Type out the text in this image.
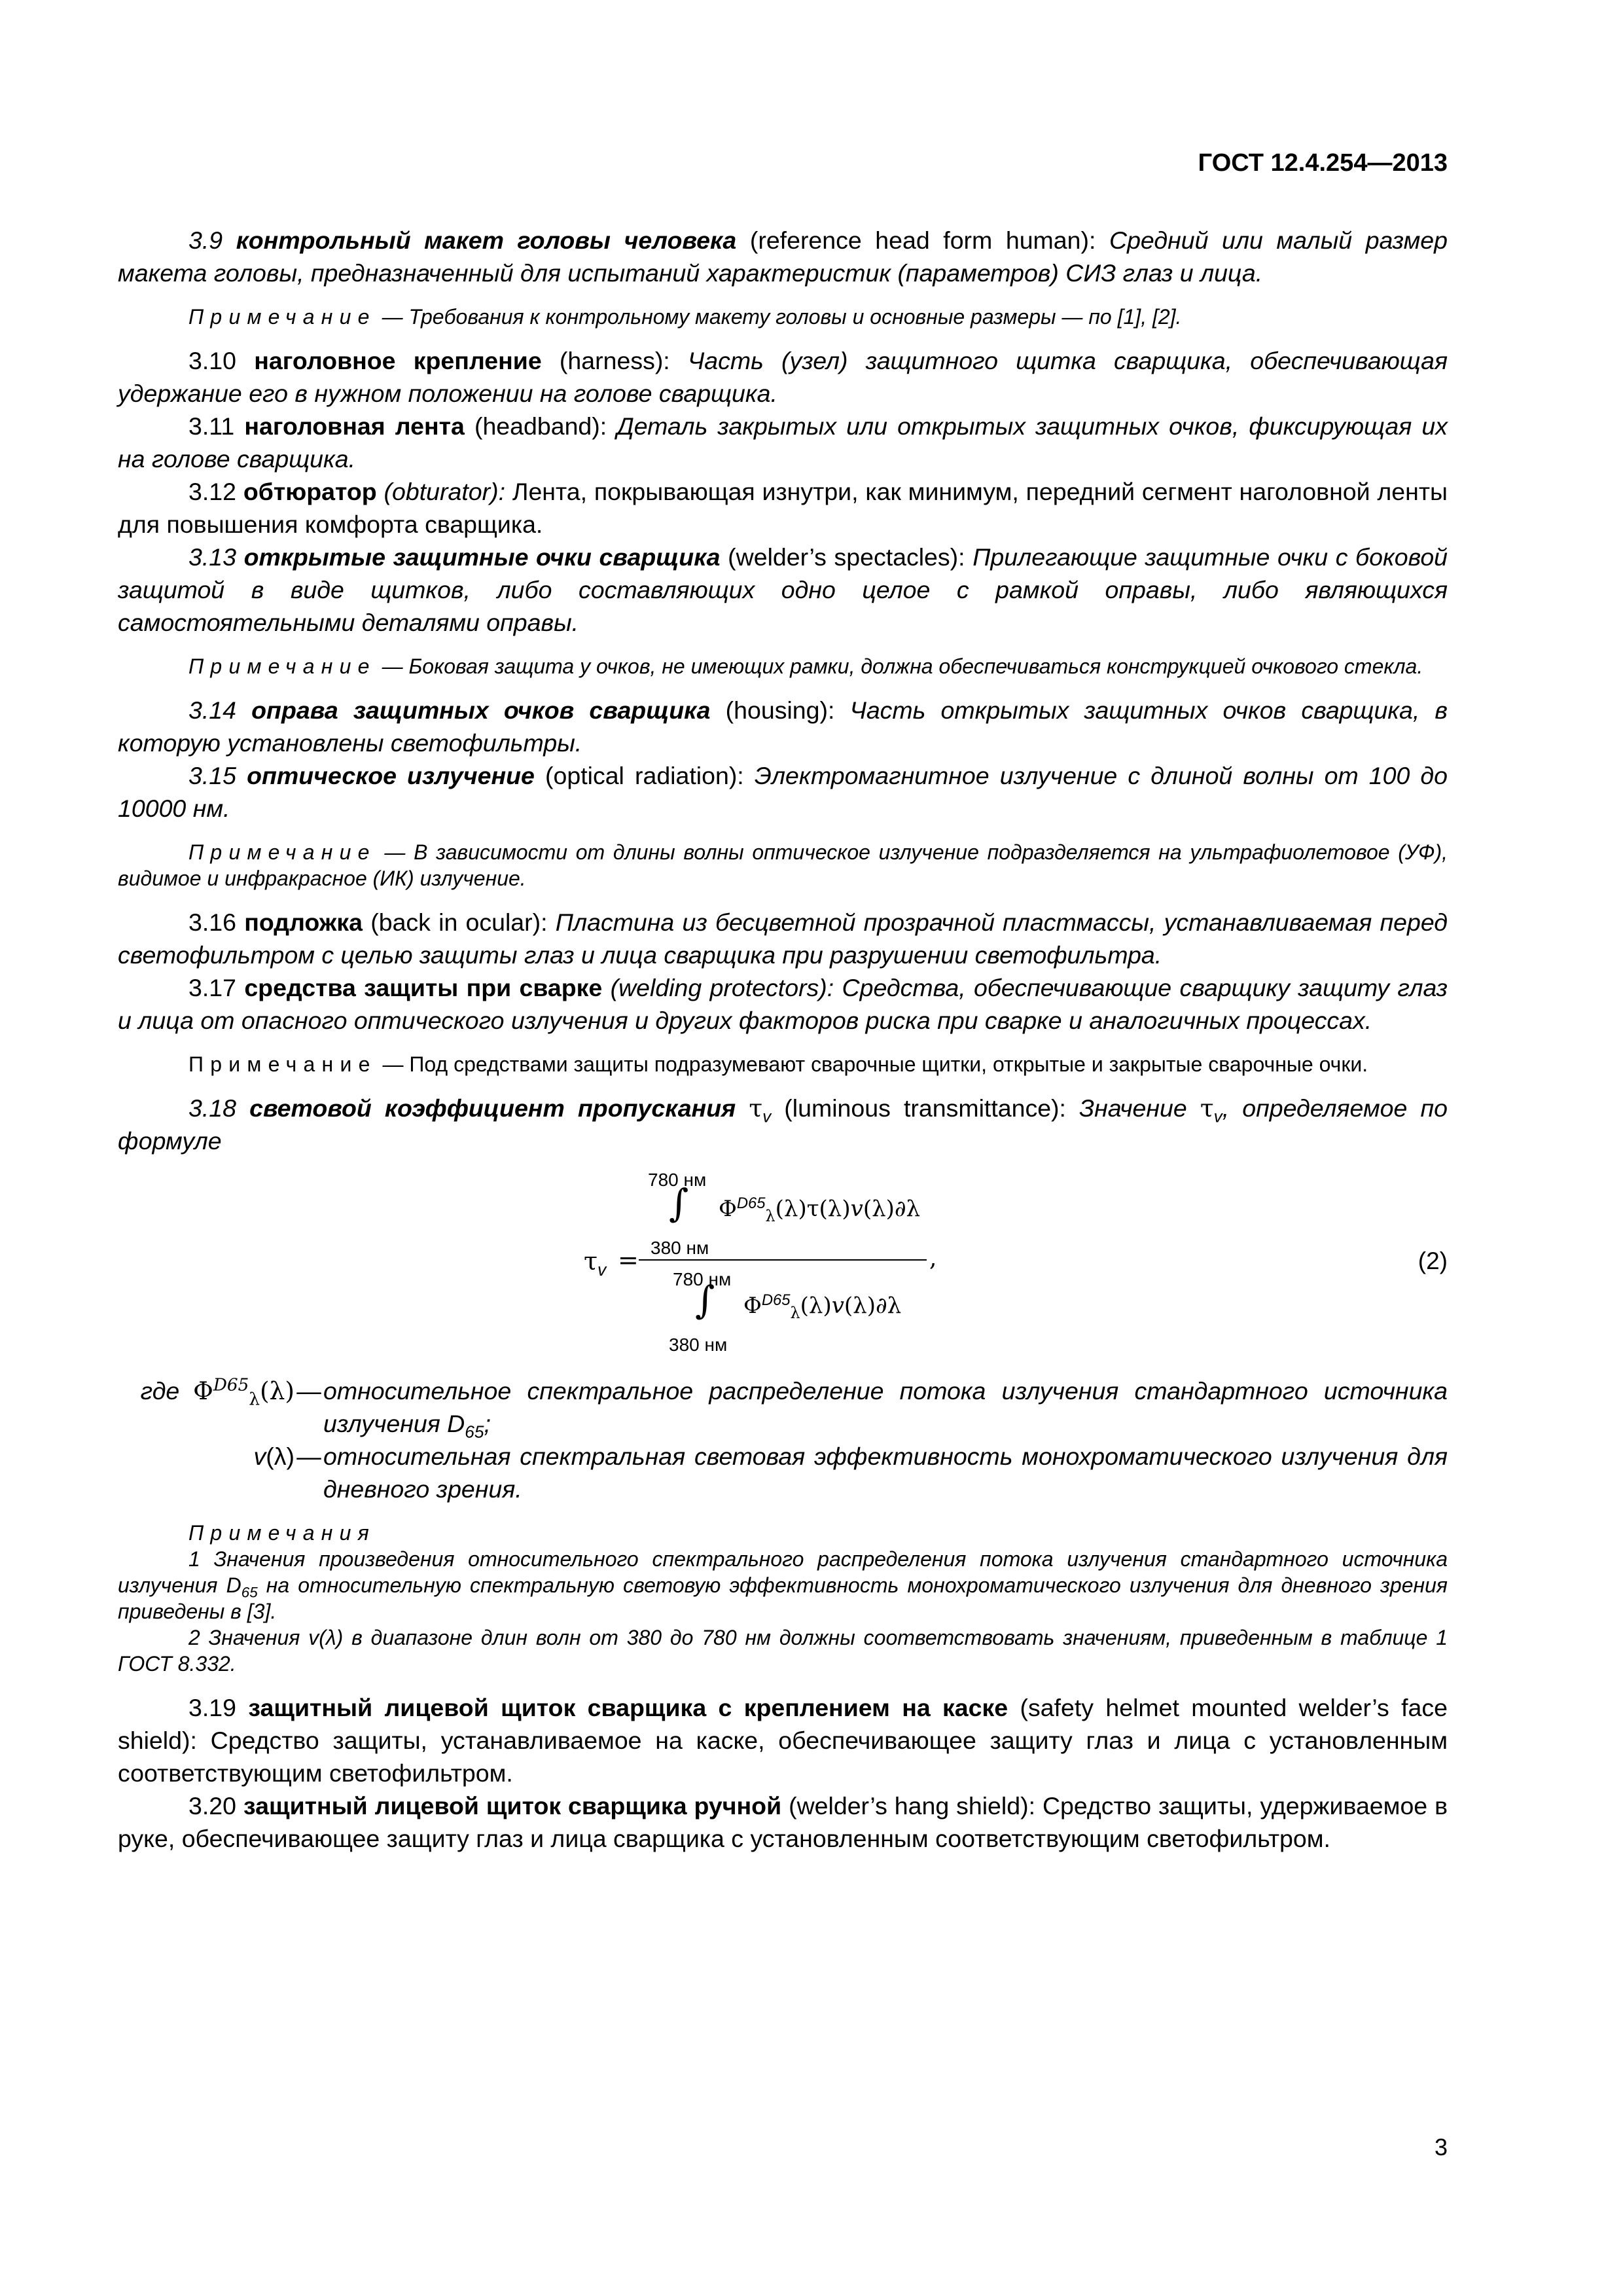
ГОСТ 12.4.254—2013

3.9 контрольный макет головы человека (reference head form human): Средний или малый размер макета головы, предназначенный для испытаний характеристик (параметров) СИЗ глаз и лица.

Примечание — Требования к контрольному макету головы и основные размеры — по [1], [2].

3.10 наголовное крепление (harness): Часть (узел) защитного щитка сварщика, обеспечивающая удержание его в нужном положении на голове сварщика.

3.11 наголовная лента (headband): Деталь закрытых или открытых защитных очков, фиксирующая их на голове сварщика.

3.12 обтюратор (obturator): Лента, покрывающая изнутри, как минимум, передний сегмент наголовной ленты для повышения комфорта сварщика.

3.13 открытые защитные очки сварщика (welder’s spectacles): Прилегающие защитные очки с боковой защитой в виде щитков, либо составляющих одно целое с рамкой оправы, либо являющихся самостоятельными деталями оправы.

Примечание — Боковая защита у очков, не имеющих рамки, должна обеспечиваться конструкцией очкового стекла.

3.14 оправа защитных очков сварщика (housing): Часть открытых защитных очков сварщика, в которую установлены светофильтры.

3.15 оптическое излучение (optical radiation): Электромагнитное излучение с длиной волны от 100 до 10000 нм.

Примечание — В зависимости от длины волны оптическое излучение подразделяется на ультрафиолетовое (УФ), видимое и инфракрасное (ИК) излучение.

3.16 подложка (back in ocular): Пластина из бесцветной прозрачной пластмассы, устанавливаемая перед светофильтром с целью защиты глаз и лица сварщика при разрушении светофильтра.

3.17 средства защиты при сварке (welding protectors): Средства, обеспечивающие сварщику защиту глаз и лица от опасного оптического излучения и других факторов риска при сварке и аналогичных процессах.

Примечание — Под средствами защиты подразумевают сварочные щитки, открытые и закрытые сварочные очки.

3.18 световой коэффициент пропускания $\tau_v$ (luminous transmittance): Значение $\tau_v$, определяемое по формуле

780 нм
∫ $\Phi^{D65}_\lambda(\lambda)\tau(\lambda)v(\lambda)\partial\lambda$
380 нм	,
$\tau_v$ =
780 нм
∫ $\Phi^{D65}_\lambda(\lambda)v(\lambda)\partial\lambda$
380 нм
(2)
где $\Phi^{D65}_\lambda(\lambda)$ — относительное спектральное распределение потока излучения стандартного источника излучения $D_{65}$;
v(λ) — относительная спектральная световая эффективность монохроматического излучения для дневного зрения.

Примечания

1 Значения произведения относительного спектрального распределения потока излучения стандартного источника излучения $D_{65}$ на относительную спектральную световую эффективность монохроматического излучения для дневного зрения приведены в [3].

2 Значения v(λ) в диапазоне длин волн от 380 до 780 нм должны соответствовать значениям, приведенным в таблице 1 ГОСТ 8.332.

3.19 защитный лицевой щиток сварщика с креплением на каске (safety helmet mounted welder’s face shield): Средство защиты, устанавливаемое на каске, обеспечивающее защиту глаз и лица с установленным соответствующим светофильтром.

3.20 защитный лицевой щиток сварщика ручной (welder’s hang shield): Средство защиты, удерживаемое в руке, обеспечивающее защиту глаз и лица сварщика с установленным соответствующим светофильтром.

3
